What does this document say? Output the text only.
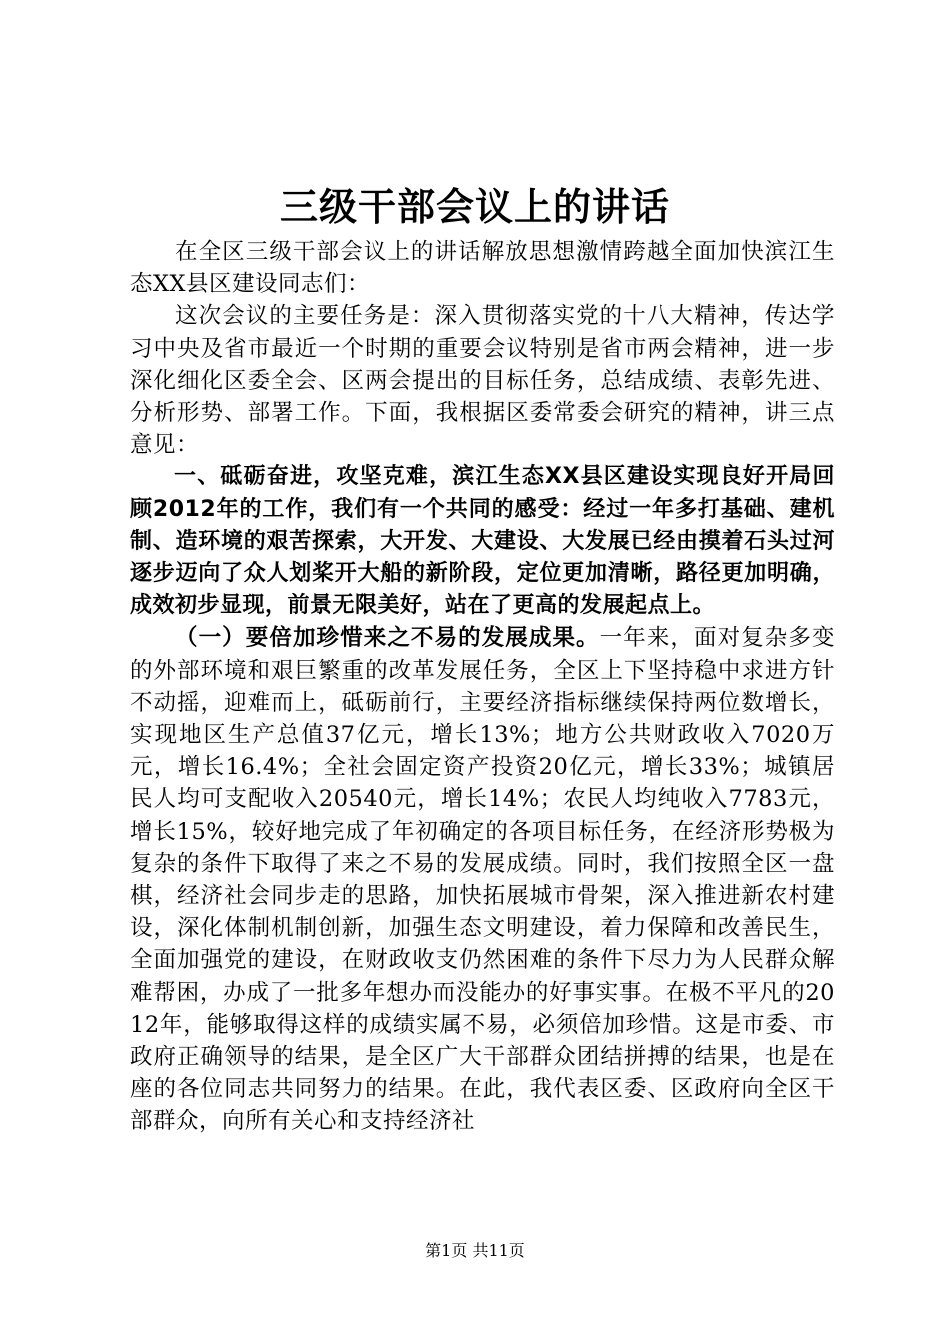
三级干部会议上的讲话

在全区三级干部会议上的讲话解放思想激情跨越全面加快滨江生态XX县区建设同志们：

这次会议的主要任务是：深入贯彻落实党的十八大精神，传达学习中央及省市最近一个时期的重要会议特别是省市两会精神，进一步深化细化区委全会、区两会提出的目标任务，总结成绩、表彰先进、分析形势、部署工作。下面，我根据区委常委会研究的精神，讲三点意见：

一、砥砺奋进，攻坚克难，滨江生态XX县区建设实现良好开局回顾2012年的工作，我们有一个共同的感受：经过一年多打基础、建机制、造环境的艰苦探索，大开发、大建设、大发展已经由摸着石头过河逐步迈向了众人划桨开大船的新阶段，定位更加清晰，路径更加明确，成效初步显现，前景无限美好，站在了更高的发展起点上。

（一）要倍加珍惜来之不易的发展成果。一年来，面对复杂多变的外部环境和艰巨繁重的改革发展任务，全区上下坚持稳中求进方针不动摇，迎难而上，砥砺前行，主要经济指标继续保持两位数增长，实现地区生产总值37亿元，增长13%；地方公共财政收入7020万元，增长16.4%；全社会固定资产投资20亿元，增长33%；城镇居民人均可支配收入20540元，增长14%；农民人均纯收入7783元，增长15%，较好地完成了年初确定的各项目标任务，在经济形势极为复杂的条件下取得了来之不易的发展成绩。同时，我们按照全区一盘棋，经济社会同步走的思路，加快拓展城市骨架，深入推进新农村建设，深化体制机制创新，加强生态文明建设，着力保障和改善民生，全面加强党的建设，在财政收支仍然困难的条件下尽力为人民群众解难帮困，办成了一批多年想办而没能办的好事实事。在极不平凡的2012年，能够取得这样的成绩实属不易，必须倍加珍惜。这是市委、市政府正确领导的结果，是全区广大干部群众团结拼搏的结果，也是在座的各位同志共同努力的结果。在此，我代表区委、区政府向全区干部群众，向所有关心和支持经济社

第1页 共11页
